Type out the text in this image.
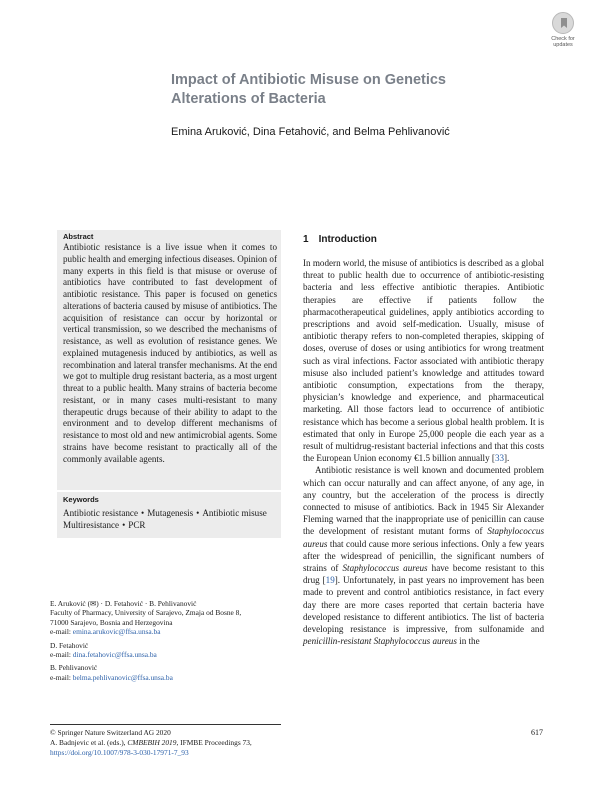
Check for updates
Impact of Antibiotic Misuse on Genetics
Alterations of Bacteria
Emina Aruković, Dina Fetahović, and Belma Pehlivanović
Abstract
Antibiotic resistance is a live issue when it comes to public health and emerging infectious diseases. Opinion of many experts in this field is that misuse or overuse of antibiotics have contributed to fast development of antibiotic resistance. This paper is focused on genetics alterations of bacteria caused by misuse of antibiotics. The acquisition of resistance can occur by horizontal or vertical transmission, so we described the mechanisms of resistance, as well as evolution of resistance genes. We explained mutagenesis induced by antibiotics, as well as recombination and lateral transfer mechanisms. At the end we got to multiple drug resistant bacteria, as a most urgent threat to a public health. Many strains of bacteria become resistant, or in many cases multi-resistant to many therapeutic drugs because of their ability to adapt to the environment and to develop different mechanisms of resistance to most old and new antimicrobial agents. Some strains have become resistant to practically all of the commonly available agents.
Keywords
Antibiotic resistance • Mutagenesis • Antibiotic misuse
Multiresistance • PCR

E. Aruković (✉) · D. Fetahović · B. Pehlivanović

Faculty of Pharmacy, University of Sarajevo, Zmaja od Bosne 8,

71000 Sarajevo, Bosnia and Herzegovina

e-mail: emina.arukovic@ffsa.unsa.ba

D. Fetahović

e-mail: dina.fetahovic@ffsa.unsa.ba

B. Pehlivanović

e-mail: belma.pehlivanovic@ffsa.unsa.ba

© Springer Nature Switzerland AG 2020

A. Badnjevic et al. (eds.), CMBEBIH 2019, IFMBE Proceedings 73,

https://doi.org/10.1007/978-3-030-17971-7_93

617
1 Introduction

In modern world, the misuse of antibiotics is described as a global threat to public health due to occurrence of antibiotic-resisting bacteria and less effective antibiotic therapies. Antibiotic therapies are effective if patients follow the pharmacotherapeutical guidelines, apply antibiotics according to prescriptions and avoid self-medication. Usually, misuse of antibiotic therapy refers to non-completed therapies, skipping of doses, overuse of doses or using antibiotics for wrong treatment such as viral infections. Factor associated with antibiotic therapy misuse also included patient’s knowledge and attitudes toward antibiotic consumption, expectations from the therapy, physician’s knowledge and experience, and pharmaceutical marketing. All those factors lead to occurrence of antibiotic resistance which has become a serious global health problem. It is estimated that only in Europe 25,000 people die each year as a result of multidrug-resistant bacterial infections and that this costs the European Union economy €1.5 billion annually [33].

Antibiotic resistance is well known and documented problem which can occur naturally and can affect anyone, of any age, in any country, but the acceleration of the process is directly connected to misuse of antibiotics. Back in 1945 Sir Alexander Fleming warned that the inappropriate use of penicillin can cause the development of resistant mutant forms of Staphylococcus aureus that could cause more serious infections. Only a few years after the widespread of penicillin, the significant numbers of strains of Staphylococcus aureus have become resistant to this drug [19]. Unfortunately, in past years no improvement has been made to prevent and control antibiotics resistance, in fact every day there are more cases reported that certain bacteria have developed resistance to different antibiotics. The list of bacteria developing resistance is impressive, from sulfonamide and penicillin-resistant Staphylococcus aureus in the
